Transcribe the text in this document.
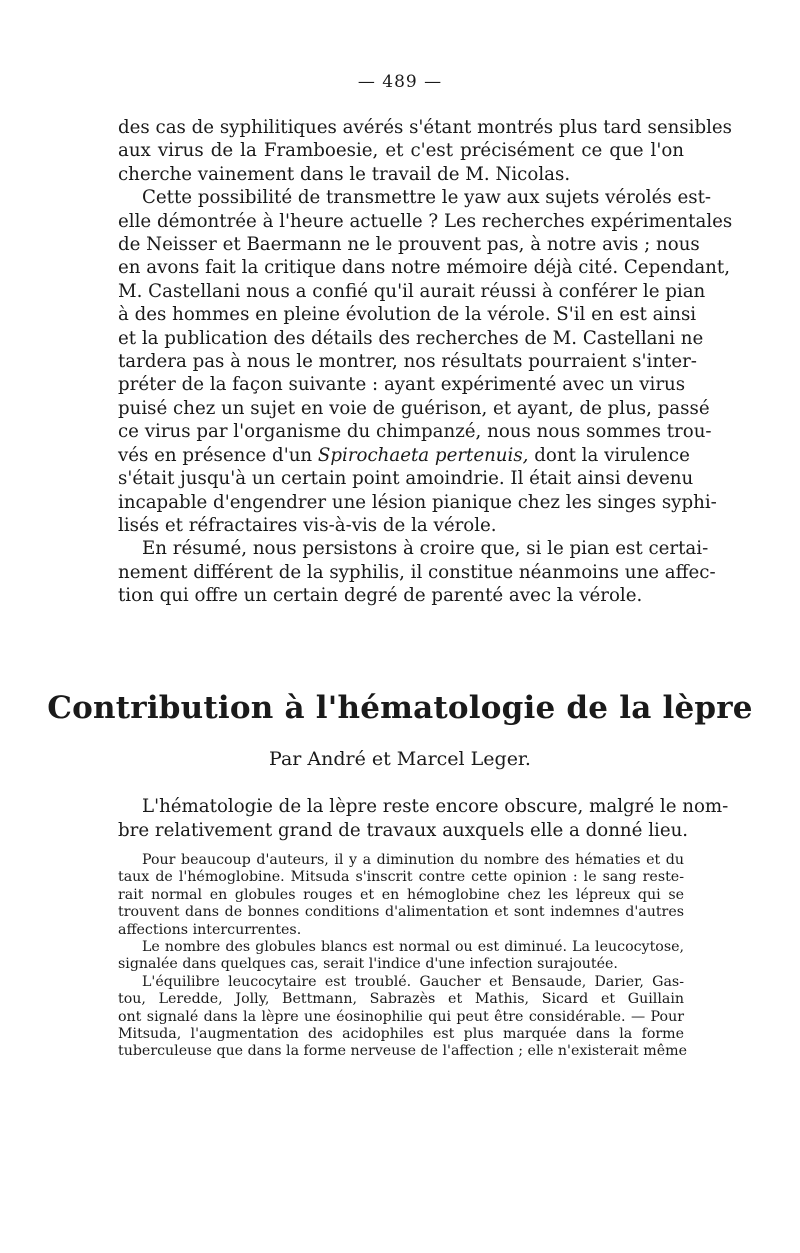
— 489 —
des cas de syphilitiques avérés s'étant montrés plus tard sensibles
aux virus de la Framboesie, et c'est précisément ce que l'on
cherche vainement dans le travail de M. Nicolas.
Cette possibilité de transmettre le yaw aux sujets vérolés est-
elle démontrée à l'heure actuelle ? Les recherches expérimentales
de Neisser et Baermann ne le prouvent pas, à notre avis ; nous
en avons fait la critique dans notre mémoire déjà cité. Cependant,
M. Castellani nous a confié qu'il aurait réussi à conférer le pian
à des hommes en pleine évolution de la vérole. S'il en est ainsi
et la publication des détails des recherches de M. Castellani ne
tardera pas à nous le montrer, nos résultats pourraient s'inter-
préter de la façon suivante : ayant expérimenté avec un virus
puisé chez un sujet en voie de guérison, et ayant, de plus, passé
ce virus par l'organisme du chimpanzé, nous nous sommes trou-
vés en présence d'un Spirochaeta pertenuis, dont la virulence
s'était jusqu'à un certain point amoindrie. Il était ainsi devenu
incapable d'engendrer une lésion pianique chez les singes syphi-
lisés et réfractaires vis-à-vis de la vérole.
En résumé, nous persistons à croire que, si le pian est certai-
nement différent de la syphilis, il constitue néanmoins une affec-
tion qui offre un certain degré de parenté avec la vérole.
Contribution à l'hématologie de la lèpre
Par André et Marcel Leger.
L'hématologie de la lèpre reste encore obscure, malgré le nom-
bre relativement grand de travaux auxquels elle a donné lieu.
Pour beaucoup d'auteurs, il y a diminution du nombre des hématies et du
taux de l'hémoglobine. Mitsuda s'inscrit contre cette opinion : le sang reste-
rait normal en globules rouges et en hémoglobine chez les lépreux qui se
trouvent dans de bonnes conditions d'alimentation et sont indemnes d'autres
affections intercurrentes.
Le nombre des globules blancs est normal ou est diminué. La leucocytose,
signalée dans quelques cas, serait l'indice d'une infection surajoutée.
L'équilibre leucocytaire est troublé. Gaucher et Bensaude, Darier, Gas-
tou, Leredde, Jolly, Bettmann, Sabrazès et Mathis, Sicard et Guillain
ont signalé dans la lèpre une éosinophilie qui peut être considérable. — Pour
Mitsuda, l'augmentation des acidophiles est plus marquée dans la forme
tuberculeuse que dans la forme nerveuse de l'affection ; elle n'existerait même
